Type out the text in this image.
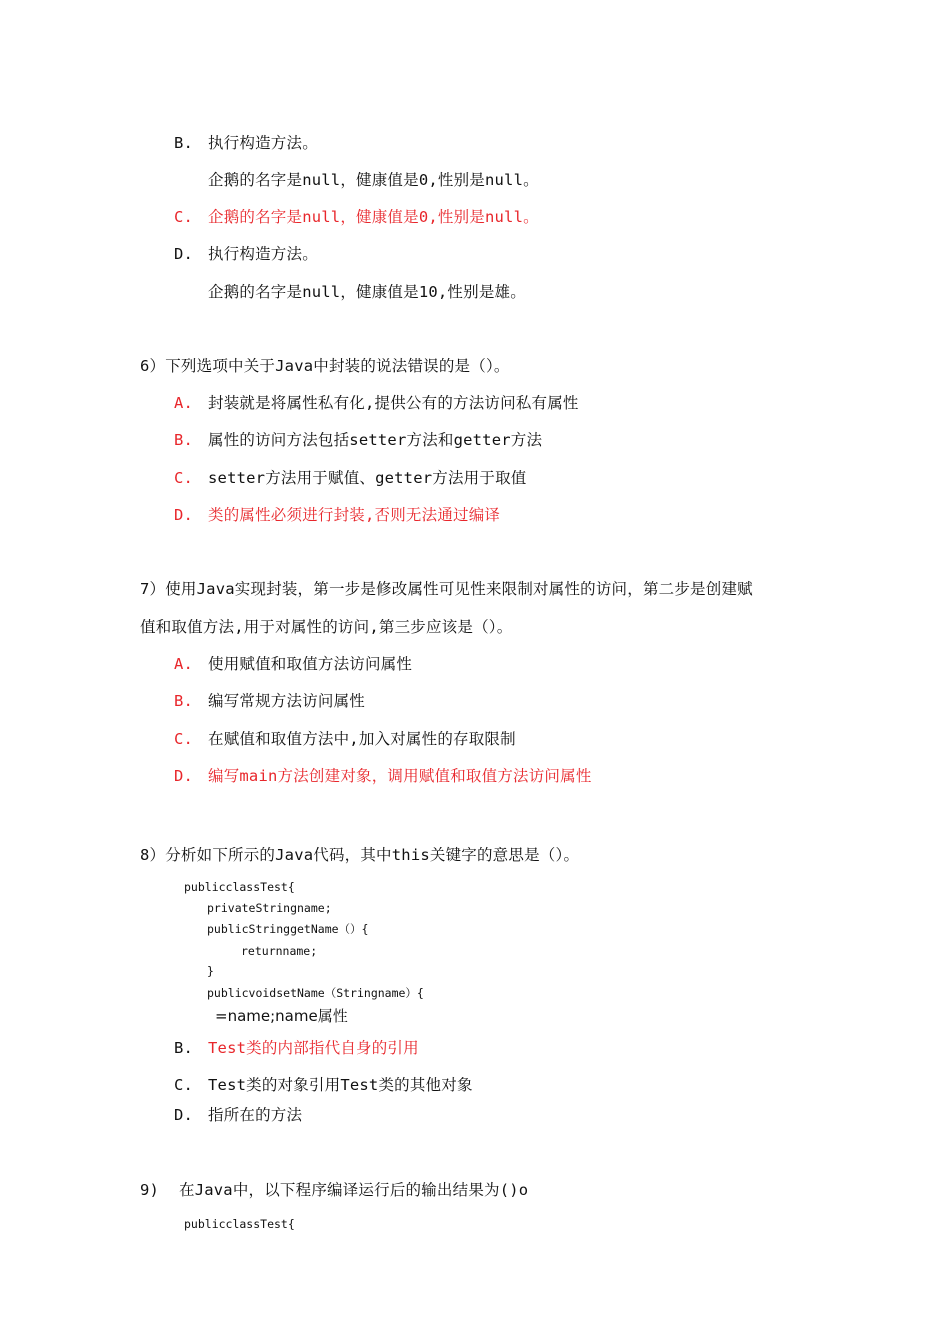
B. 执行构造方法。
企鹅的名字是null，健康值是0,性别是null。
C. 企鹅的名字是null，健康值是0,性别是null。
D. 执行构造方法。
企鹅的名字是null，健康值是10,性别是雄。
6）下列选项中关于Java中封装的说法错误的是（）。
A. 封装就是将属性私有化,提供公有的方法访问私有属性
B. 属性的访问方法包括setter方法和getter方法
C. setter方法用于赋值、getter方法用于取值
D. 类的属性必须进行封装,否则无法通过编译
7）使用Java实现封装，第一步是修改属性可见性来限制对属性的访问，第二步是创建赋
值和取值方法,用于对属性的访问,第三步应该是（）。
A. 使用赋值和取值方法访问属性
B. 编写常规方法访问属性
C. 在赋值和取值方法中,加入对属性的存取限制
D. 编写main方法创建对象，调用赋值和取值方法访问属性
8）分析如下所示的Java代码，其中this关键字的意思是（）。
publicclassTest{
privateStringname;
publicStringgetName（）{
returnname;
}
publicvoidsetName（Stringname）{
=name;name属性
B. Test类的内部指代自身的引用
C. Test类的对象引用Test类的其他对象
D. 指所在的方法
9) 在Java中，以下程序编译运行后的输出结果为()o
publicclassTest{
